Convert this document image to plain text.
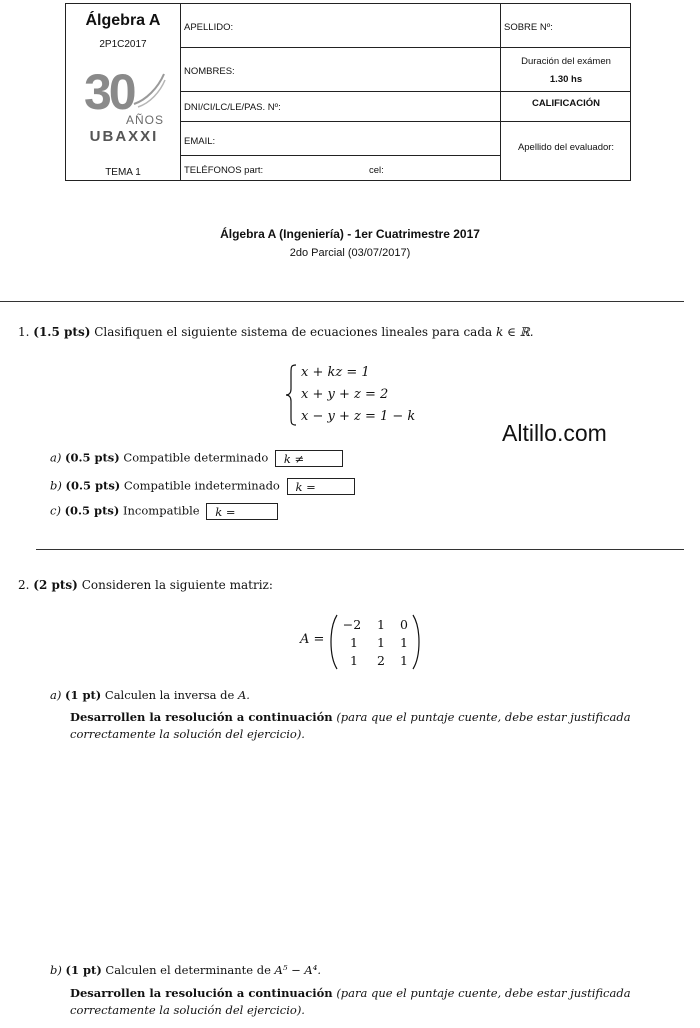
Álgebra A
2P1C2017
30
AÑOS
UBAXXI
TEMA 1
APELLIDO:
NOMBRES:
DNI/CI/LC/LE/PAS. Nº:
EMAIL:
TELÉFONOS part:	cel:
SOBRE Nº:
Duración del exámen
1.30 hs
CALIFICACIÓN
Apellido del evaluador:
Álgebra A (Ingeniería) - 1er Cuatrimestre 2017
2do Parcial (03/07/2017)
1. (1.5 pts) Clasifiquen el siguiente sistema de ecuaciones lineales para cada k ∈ ℝ.
x + kz = 1
x + y + z = 2
x − y + z = 1 − k
Altillo.com
a) (0.5 pts) Compatible determinado k ≠
b) (0.5 pts) Compatible indeterminado k =
c) (0.5 pts) Incompatible k =
2. (2 pts) Consideren la siguiente matriz:
A =
−2	1	0
1	1	1
1	2	1
a) (1 pt) Calculen la inversa de A.
Desarrollen la resolución a continuación (para que el puntaje cuente, debe estar justificada correctamente la solución del ejercicio).
b) (1 pt) Calculen el determinante de A⁵ − A⁴.
Desarrollen la resolución a continuación (para que el puntaje cuente, debe estar justificada correctamente la solución del ejercicio).
